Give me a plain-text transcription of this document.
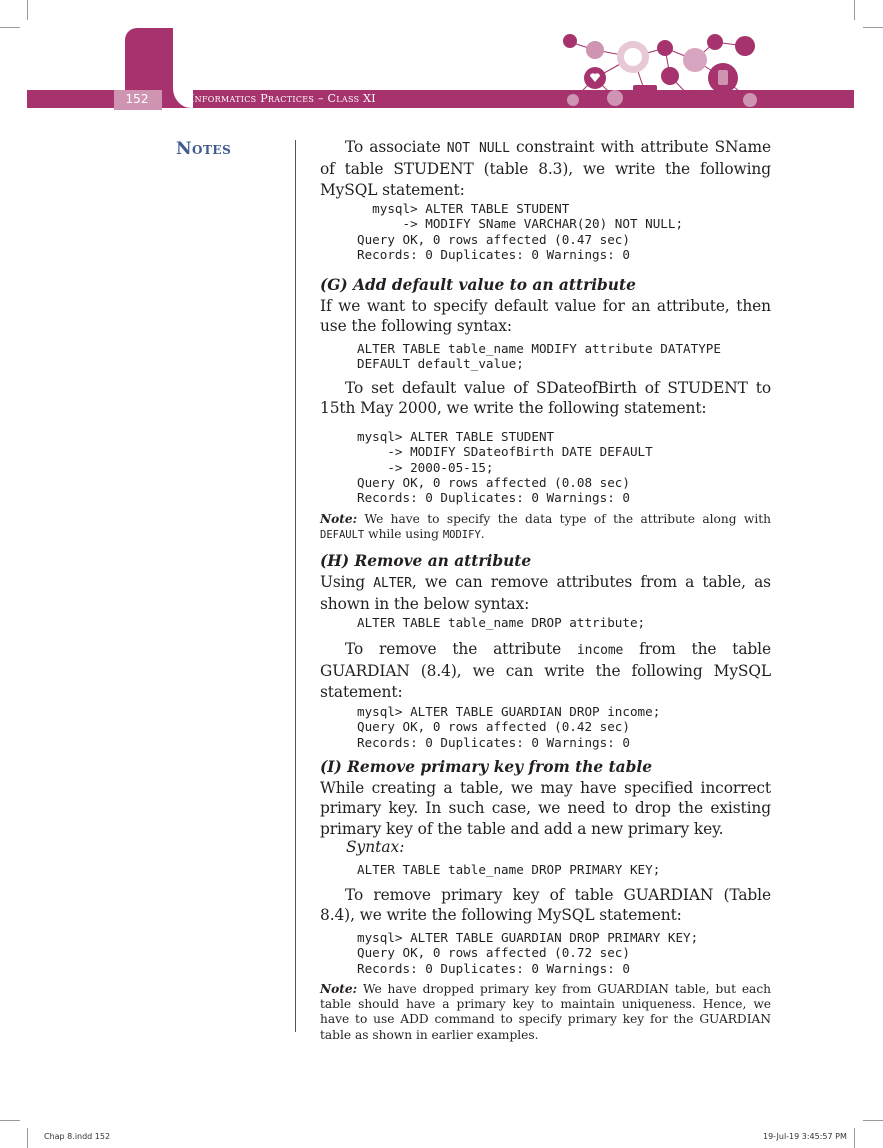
152	Informatics Practices – Class XI
Notes	To associate NOT NULL constraint with attribute SName of table STUDENT (table 8.3), we write the following MySQL statement:
mysql> ALTER TABLE STUDENT
-> MODIFY SName VARCHAR(20) NOT NULL;
Query OK, 0 rows affected (0.47 sec)
Records: 0 Duplicates: 0 Warnings: 0
(G) Add default value to an attribute
If we want to specify default value for an attribute, then use the following syntax:
ALTER TABLE table_name MODIFY attribute DATATYPE
DEFAULT default_value;
To set default value of SDateofBirth of STUDENT to 15th May 2000, we write the following statement:
mysql> ALTER TABLE STUDENT
-> MODIFY SDateofBirth DATE DEFAULT
-> 2000-05-15;
Query OK, 0 rows affected (0.08 sec)
Records: 0 Duplicates: 0 Warnings: 0
Note: We have to specify the data type of the attribute along with DEFAULT while using MODIFY.
(H) Remove an attribute
Using ALTER, we can remove attributes from a table, as shown in the below syntax:
ALTER TABLE table_name DROP attribute;
To remove the attribute income from the table GUARDIAN (8.4), we can write the following MySQL statement:
mysql> ALTER TABLE GUARDIAN DROP income;
Query OK, 0 rows affected (0.42 sec)
Records: 0 Duplicates: 0 Warnings: 0
(I) Remove primary key from the table
While creating a table, we may have specified incorrect primary key. In such case, we need to drop the existing primary key of the table and add a new primary key.
Syntax:
ALTER TABLE table_name DROP PRIMARY KEY;
To remove primary key of table GUARDIAN (Table 8.4), we write the following MySQL statement:
mysql> ALTER TABLE GUARDIAN DROP PRIMARY KEY;
Query OK, 0 rows affected (0.72 sec)
Records: 0 Duplicates: 0 Warnings: 0
Note: We have dropped primary key from GUARDIAN table, but each table should have a primary key to maintain uniqueness. Hence, we have to use ADD command to specify primary key for the GUARDIAN table as shown in earlier examples.
Chap 8.indd 152	19-Jul-19 3:45:57 PM
